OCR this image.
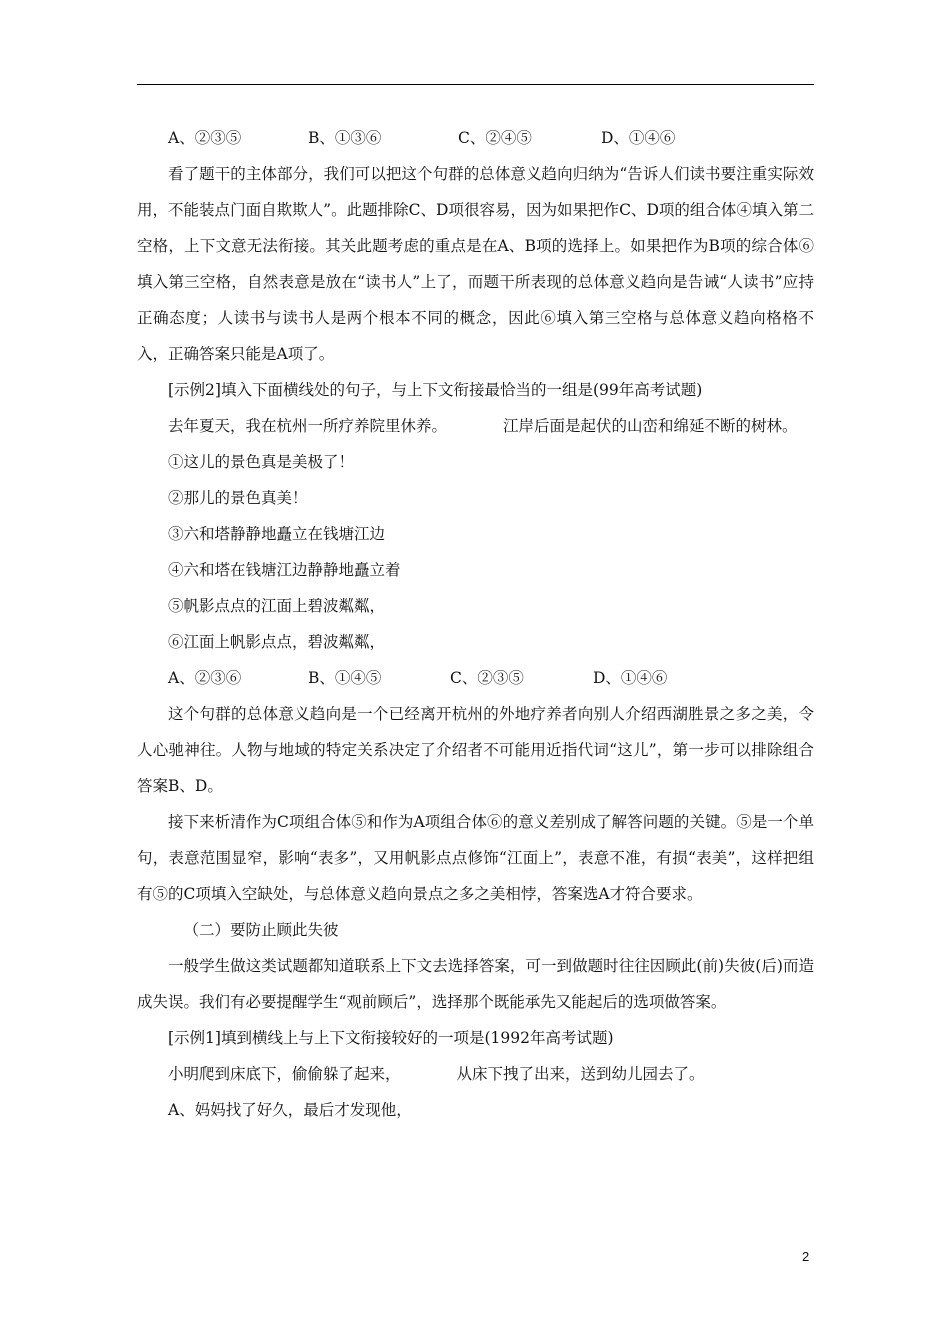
A、②③⑤	B、①③⑥	C、②④⑤	D、①④⑥

看了题干的主体部分，我们可以把这个句群的总体意义趋向归纳为“告诉人们读书要注重实际效用，不能装点门面自欺欺人”。此题排除C、D项很容易，因为如果把作C、D项的组合体④填入第二空格，上下文意无法衔接。其关此题考虑的重点是在A、B项的选择上。如果把作为B项的综合体⑥填入第三空格，自然表意是放在“读书人”上了，而题干所表现的总体意义趋向是告诫“人读书”应持正确态度；人读书与读书人是两个根本不同的概念，因此⑥填入第三空格与总体意义趋向格格不入，正确答案只能是A项了。

[示例2]填入下面横线处的句子，与上下文衔接最恰当的一组是(99年高考试题)

去年夏天，我在杭州一所疗养院里休养。	江岸后面是起伏的山峦和绵延不断的树林。

①这儿的景色真是美极了！

②那儿的景色真美！

③六和塔静静地矗立在钱塘江边

④六和塔在钱塘江边静静地矗立着

⑤帆影点点的江面上碧波粼粼，

⑥江面上帆影点点，碧波粼粼，

A、②③⑥	B、①④⑤	C、②③⑤	D、①④⑥

这个句群的总体意义趋向是一个已经离开杭州的外地疗养者向别人介绍西湖胜景之多之美，令人心驰神往。人物与地域的特定关系决定了介绍者不可能用近指代词“这儿”，第一步可以排除组合答案B、D。

接下来析清作为C项组合体⑤和作为A项组合体⑥的意义差别成了解答问题的关键。⑤是一个单句，表意范围显窄，影响“表多”，又用帆影点点修饰“江面上”，表意不准，有损“表美”，这样把组有⑤的C项填入空缺处，与总体意义趋向景点之多之美相悖，答案选A才符合要求。

（二）要防止顾此失彼

一般学生做这类试题都知道联系上下文去选择答案，可一到做题时往往因顾此(前)失彼(后)而造成失误。我们有必要提醒学生“观前顾后”，选择那个既能承先又能起后的选项做答案。

[示例1]填到横线上与上下文衔接较好的一项是(1992年高考试题)

小明爬到床底下，偷偷躲了起来，	从床下拽了出来，送到幼儿园去了。

A、妈妈找了好久，最后才发现他，

2
